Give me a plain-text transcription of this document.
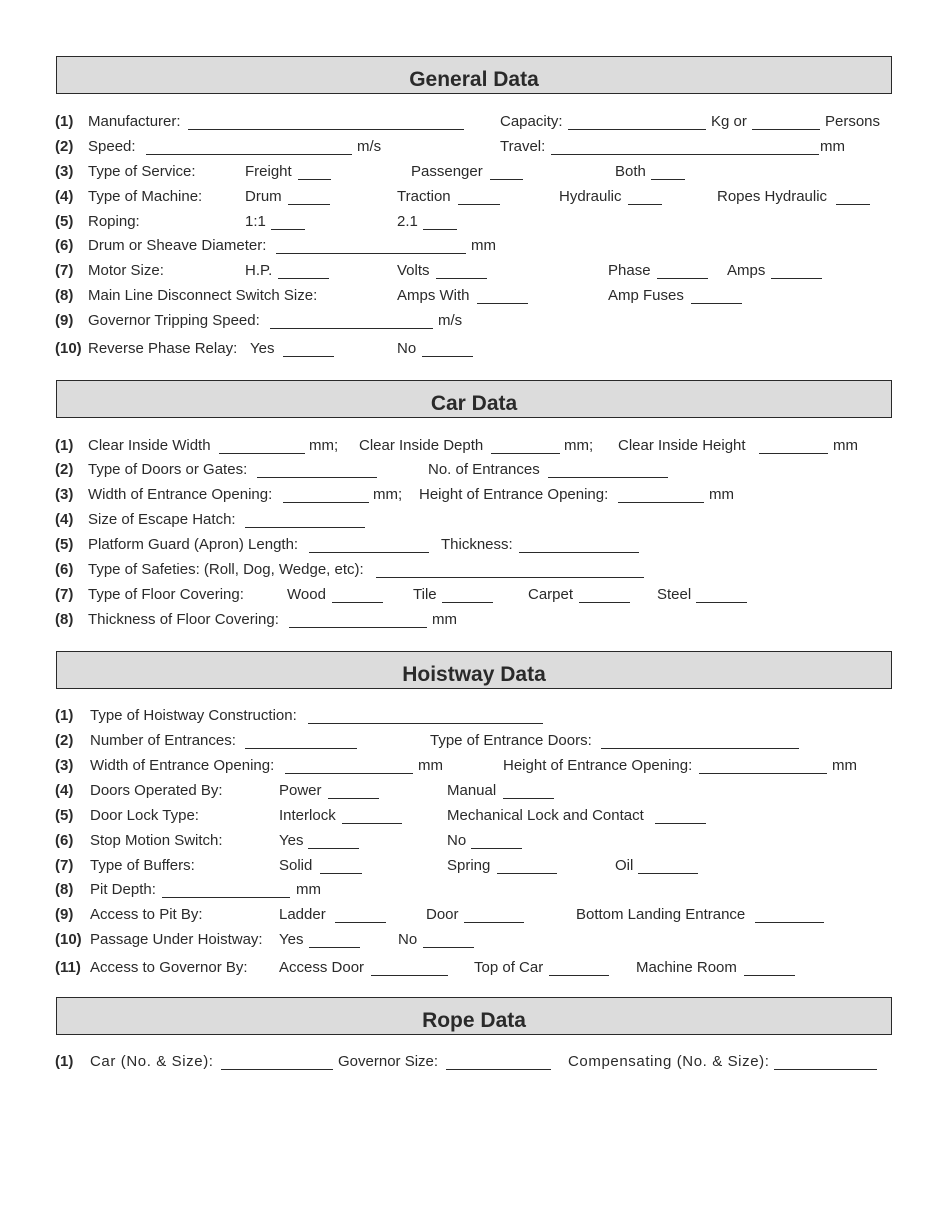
General Data
(1) Manufacturer:	Capacity:	Kg or	Persons
(2) Speed:	m/s	Travel:	mm
(3) Type of Service:	Freight	Passenger	Both
(4) Type of Machine:	Drum	Traction	Hydraulic	Ropes Hydraulic
(5) Roping:	1:1	2.1
(6) Drum or Sheave Diameter:	mm
(7) Motor Size:	H.P.	Volts	Phase	Amps
(8) Main Line Disconnect Switch Size:	Amps With	Amp Fuses
(9) Governor Tripping Speed:	m/s
(10) Reverse Phase Relay: Yes	No
Car Data
(1) Clear Inside Width	mm; Clear Inside Depth	mm; Clear Inside Height	mm
(2) Type of Doors or Gates:	No. of Entrances
(3) Width of Entrance Opening:	mm; Height of Entrance Opening:	mm
(4) Size of Escape Hatch:
(5) Platform Guard (Apron) Length:	Thickness:
(6) Type of Safeties: (Roll, Dog, Wedge, etc):
(7) Type of Floor Covering:	Wood	Tile	Carpet	Steel
(8) Thickness of Floor Covering:	mm
Hoistway Data
(1) Type of Hoistway Construction:
(2) Number of Entrances:	Type of Entrance Doors:
(3) Width of Entrance Opening:	mm	Height of Entrance Opening:	mm
(4) Doors Operated By:	Power	Manual
(5) Door Lock Type:	Interlock	Mechanical Lock and Contact
(6) Stop Motion Switch:	Yes	No
(7) Type of Buffers:	Solid	Spring	Oil
(8) Pit Depth:	mm
(9) Access to Pit By:	Ladder	Door	Bottom Landing Entrance
(10) Passage Under Hoistway: Yes	No
(11) Access to Governor By: Access Door	Top of Car	Machine Room
Rope Data
(1) Car (No. & Size):	Governor Size:	Compensating (No. & Size):
